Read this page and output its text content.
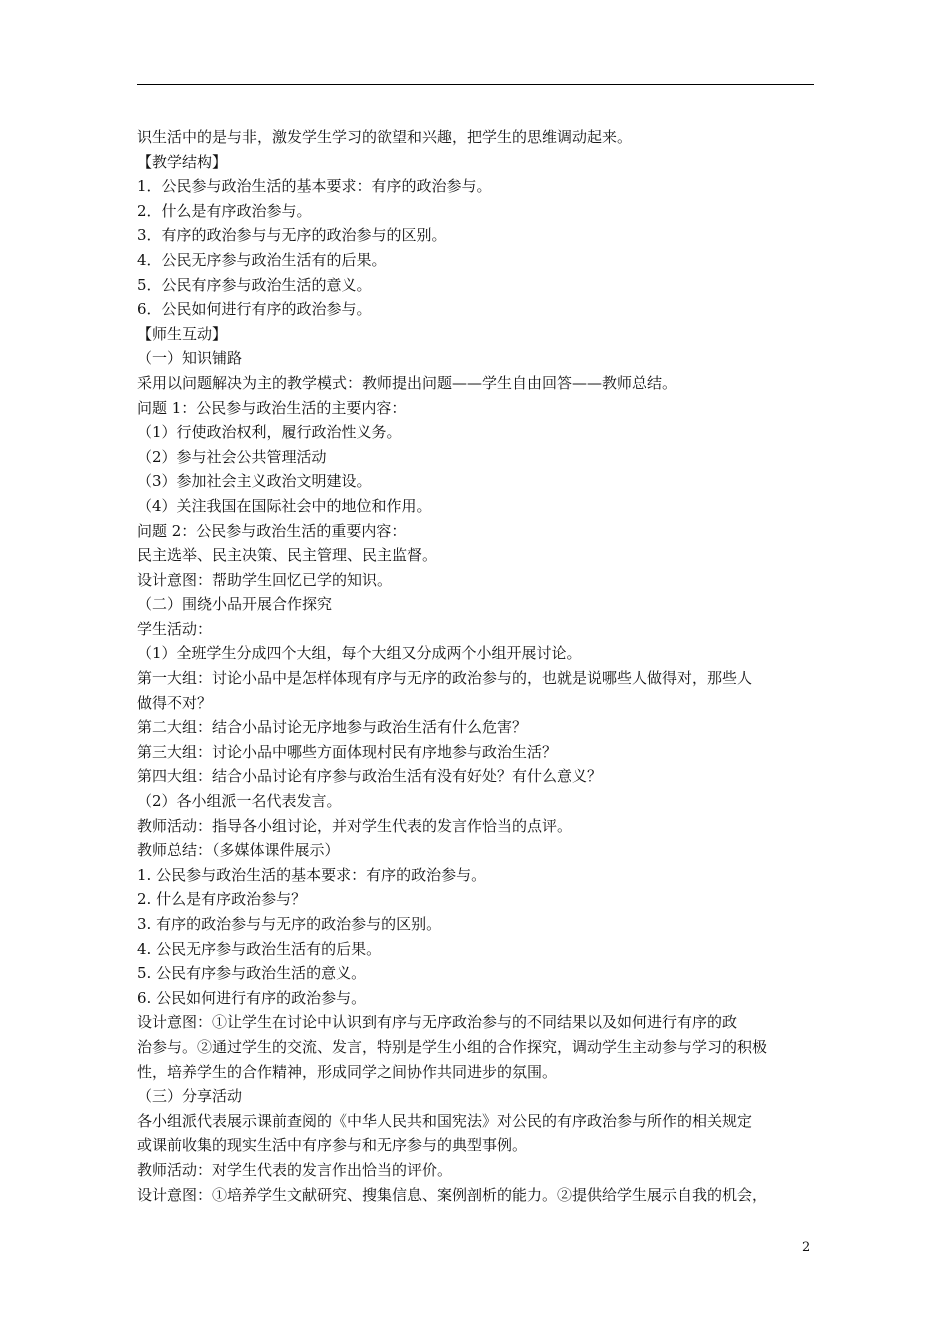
识生活中的是与非，激发学生学习的欲望和兴趣，把学生的思维调动起来。
【教学结构】
1．公民参与政治生活的基本要求：有序的政治参与。
2．什么是有序政治参与。
3．有序的政治参与与无序的政治参与的区别。
4．公民无序参与政治生活有的后果。
5．公民有序参与政治生活的意义。
6．公民如何进行有序的政治参与。
【师生互动】
（一）知识铺路
采用以问题解决为主的教学模式：教师提出问题——学生自由回答——教师总结。
问题 1：公民参与政治生活的主要内容：
（1）行使政治权利，履行政治性义务。
（2）参与社会公共管理活动
（3）参加社会主义政治文明建设。
（4）关注我国在国际社会中的地位和作用。
问题 2：公民参与政治生活的重要内容：
民主选举、民主决策、民主管理、民主监督。
设计意图：帮助学生回忆已学的知识。
（二）围绕小品开展合作探究
学生活动：
（1）全班学生分成四个大组，每个大组又分成两个小组开展讨论。
第一大组：讨论小品中是怎样体现有序与无序的政治参与的，也就是说哪些人做得对，那些人
做得不对？
第二大组：结合小品讨论无序地参与政治生活有什么危害？
第三大组：讨论小品中哪些方面体现村民有序地参与政治生活？
第四大组：结合小品讨论有序参与政治生活有没有好处？有什么意义？
（2）各小组派一名代表发言。
教师活动：指导各小组讨论，并对学生代表的发言作恰当的点评。
教师总结：（多媒体课件展示）
1. 公民参与政治生活的基本要求：有序的政治参与。
2. 什么是有序政治参与？
3. 有序的政治参与与无序的政治参与的区别。
4. 公民无序参与政治生活有的后果。
5. 公民有序参与政治生活的意义。
6. 公民如何进行有序的政治参与。
设计意图：①让学生在讨论中认识到有序与无序政治参与的不同结果以及如何进行有序的政
治参与。②通过学生的交流、发言，特别是学生小组的合作探究，调动学生主动参与学习的积极
性，培养学生的合作精神，形成同学之间协作共同进步的氛围。
（三）分享活动
各小组派代表展示课前查阅的《中华人民共和国宪法》对公民的有序政治参与所作的相关规定
或课前收集的现实生活中有序参与和无序参与的典型事例。
教师活动：对学生代表的发言作出恰当的评价。
设计意图：①培养学生文献研究、搜集信息、案例剖析的能力。②提供给学生展示自我的机会，
2
